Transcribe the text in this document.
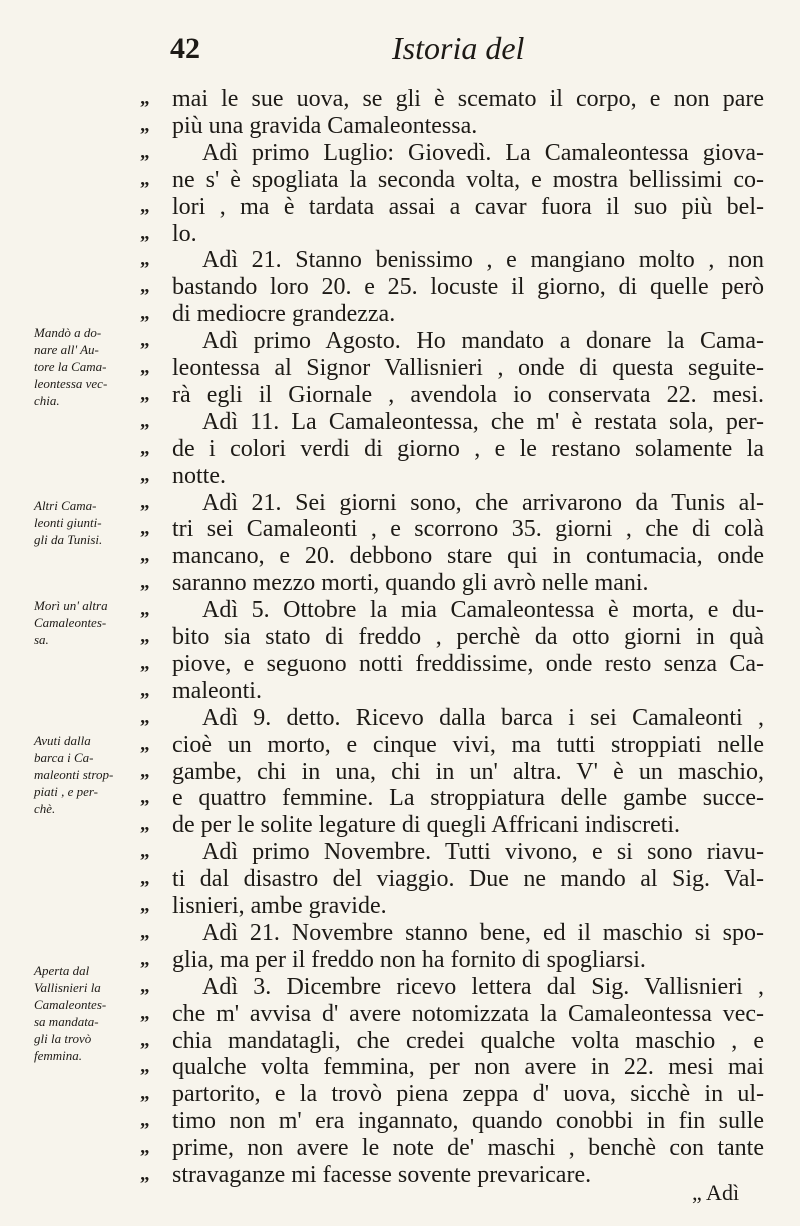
42	Istoria del
Mandò a do-
nare all' Au-
tore la Cama-
leontessa vec-
chia.
Altri Cama-
leonti giunti-
gli da Tunisi.
Morì un' altra
Camaleontes-
sa.
Avuti dalla
barca i Ca-
maleonti strop-
piati , e per-
chè.
Aperta dal
Vallisnieri la
Camaleontes-
sa mandata-
gli la trovò
femmina.
„
„
„
„
„
„
„
„
„
„
„
„
„
„
„
„
„
„
„
„
„
„
„
„
„
„
„
„
„
„
„
„
„
„
„
„
„
„
„
„
„
mai le sue uova, se gli è scemato il corpo, e non pare
più una gravida Camaleontessa.
Adì primo Luglio: Giovedì. La Camaleontessa giova-
ne s' è spogliata la seconda volta, e mostra bellissimi co-
lori , ma è tardata assai a cavar fuora il suo più bel-
lo.
Adì 21. Stanno benissimo , e mangiano molto , non
bastando loro 20. e 25. locuste il giorno, di quelle però
di mediocre grandezza.
Adì primo Agosto. Ho mandato a donare la Cama-
leontessa al Signor Vallisnieri , onde di questa seguite-
rà egli il Giornale , avendola io conservata 22. mesi.
Adì 11. La Camaleontessa, che m' è restata sola, per-
de i colori verdi di giorno , e le restano solamente la
notte.
Adì 21. Sei giorni sono, che arrivarono da Tunis al-
tri sei Camaleonti , e scorrono 35. giorni , che di colà
mancano, e 20. debbono stare qui in contumacia, onde
saranno mezzo morti, quando gli avrò nelle mani.
Adì 5. Ottobre la mia Camaleontessa è morta, e du-
bito sia stato di freddo , perchè da otto giorni in quà
piove, e seguono notti freddissime, onde resto senza Ca-
maleonti.
Adì 9. detto. Ricevo dalla barca i sei Camaleonti ,
cioè un morto, e cinque vivi, ma tutti stroppiati nelle
gambe, chi in una, chi in un' altra. V' è un maschio,
e quattro femmine. La stroppiatura delle gambe succe-
de per le solite legature di quegli Affricani indiscreti.
Adì primo Novembre. Tutti vivono, e si sono riavu-
ti dal disastro del viaggio. Due ne mando al Sig. Val-
lisnieri, ambe gravide.
Adì 21. Novembre stanno bene, ed il maschio si spo-
glia, ma per il freddo non ha fornito di spogliarsi.
Adì 3. Dicembre ricevo lettera dal Sig. Vallisnieri ,
che m' avvisa d' avere notomizzata la Camaleontessa vec-
chia mandatagli, che credei qualche volta maschio , e
qualche volta femmina, per non avere in 22. mesi mai
partorito, e la trovò piena zeppa d' uova, sicchè in ul-
timo non m' era ingannato, quando conobbi in fin sulle
prime, non avere le note de' maschi , benchè con tante
stravaganze mi facesse sovente prevaricare.
„ Adì
